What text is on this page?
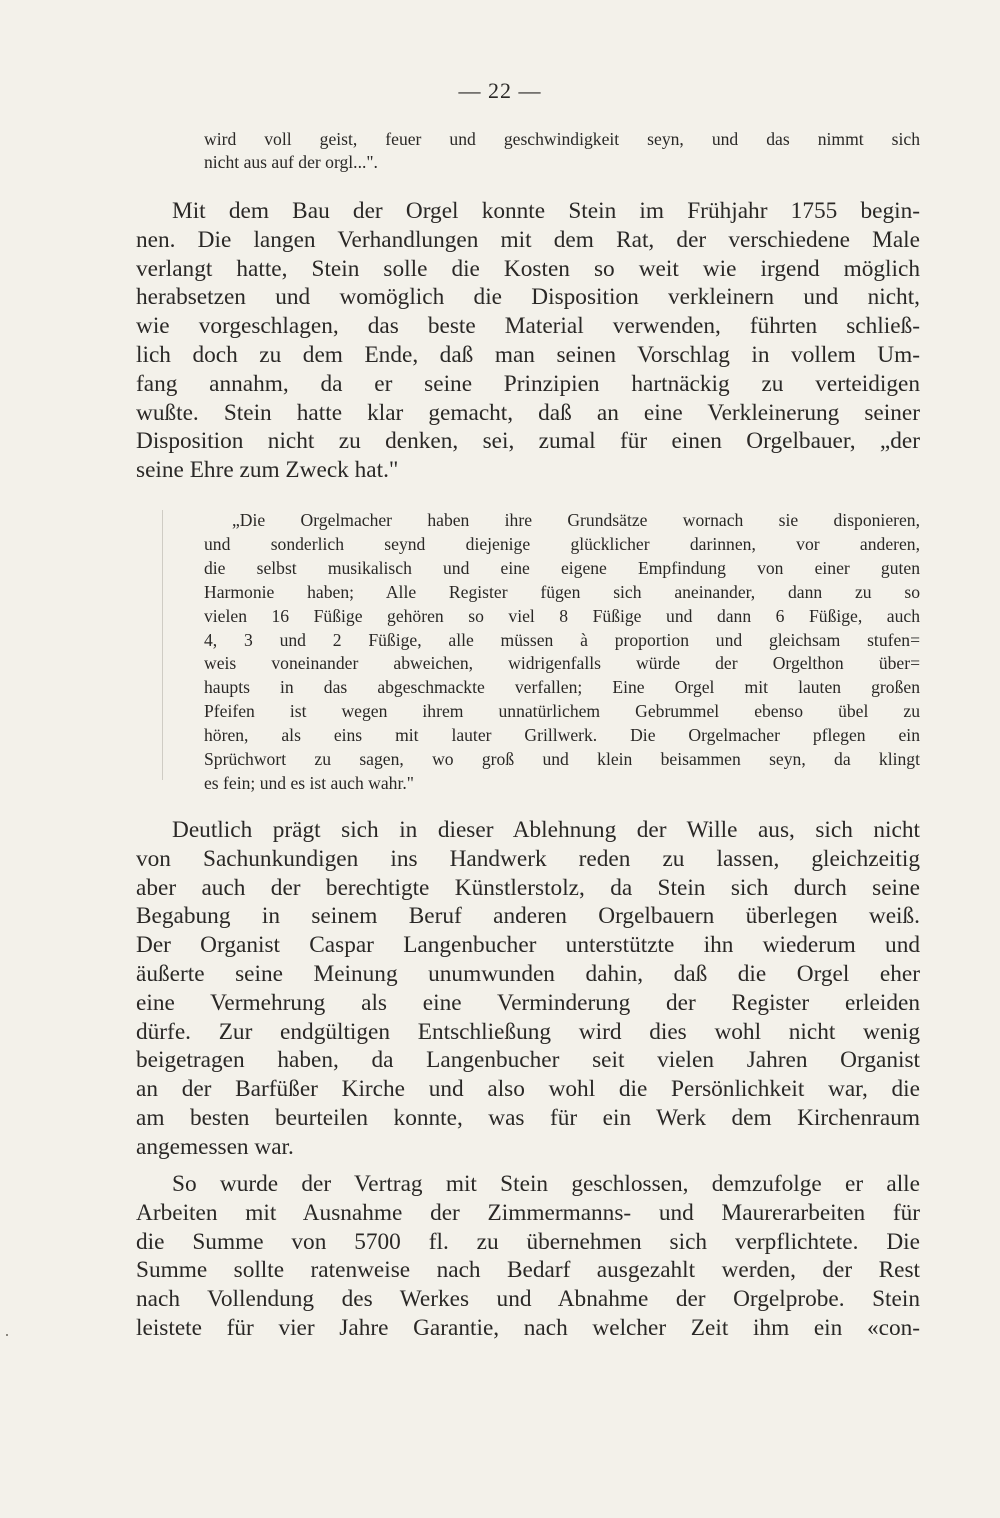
— 22 —
wird voll geist, feuer und geschwindigkeit seyn, und das nimmt sich
nicht aus auf der orgl...".
Mit dem Bau der Orgel konnte Stein im Frühjahr 1755 begin-
nen. Die langen Verhandlungen mit dem Rat, der verschiedene Male
verlangt hatte, Stein solle die Kosten so weit wie irgend möglich
herabsetzen und womöglich die Disposition verkleinern und nicht,
wie vorgeschlagen, das beste Material verwenden, führten schließ-
lich doch zu dem Ende, daß man seinen Vorschlag in vollem Um-
fang annahm, da er seine Prinzipien hartnäckig zu verteidigen
wußte. Stein hatte klar gemacht, daß an eine Verkleinerung seiner
Disposition nicht zu denken, sei, zumal für einen Orgelbauer, „der
seine Ehre zum Zweck hat."
„Die Orgelmacher haben ihre Grundsätze wornach sie disponieren,
und sonderlich seynd diejenige glücklicher darinnen, vor anderen,
die selbst musikalisch und eine eigene Empfindung von einer guten
Harmonie haben; Alle Register fügen sich aneinander, dann zu so
vielen 16 Füßige gehören so viel 8 Füßige und dann 6 Füßige, auch
4, 3 und 2 Füßige, alle müssen à proportion und gleichsam stufen=
weis voneinander abweichen, widrigenfalls würde der Orgelthon über=
haupts in das abgeschmackte verfallen; Eine Orgel mit lauten großen
Pfeifen ist wegen ihrem unnatürlichem Gebrummel ebenso übel zu
hören, als eins mit lauter Grillwerk. Die Orgelmacher pflegen ein
Sprüchwort zu sagen, wo groß und klein beisammen seyn, da klingt
es fein; und es ist auch wahr."
Deutlich prägt sich in dieser Ablehnung der Wille aus, sich nicht
von Sachunkundigen ins Handwerk reden zu lassen, gleichzeitig
aber auch der berechtigte Künstlerstolz, da Stein sich durch seine
Begabung in seinem Beruf anderen Orgelbauern überlegen weiß.
Der Organist Caspar Langenbucher unterstützte ihn wiederum und
äußerte seine Meinung unumwunden dahin, daß die Orgel eher
eine Vermehrung als eine Verminderung der Register erleiden
dürfe. Zur endgültigen Entschließung wird dies wohl nicht wenig
beigetragen haben, da Langenbucher seit vielen Jahren Organist
an der Barfüßer Kirche und also wohl die Persönlichkeit war, die
am besten beurteilen konnte, was für ein Werk dem Kirchenraum
angemessen war.
So wurde der Vertrag mit Stein geschlossen, demzufolge er alle
Arbeiten mit Ausnahme der Zimmermanns- und Maurerarbeiten für
die Summe von 5700 fl. zu übernehmen sich verpflichtete. Die
Summe sollte ratenweise nach Bedarf ausgezahlt werden, der Rest
nach Vollendung des Werkes und Abnahme der Orgelprobe. Stein
leistete für vier Jahre Garantie, nach welcher Zeit ihm ein «con-
